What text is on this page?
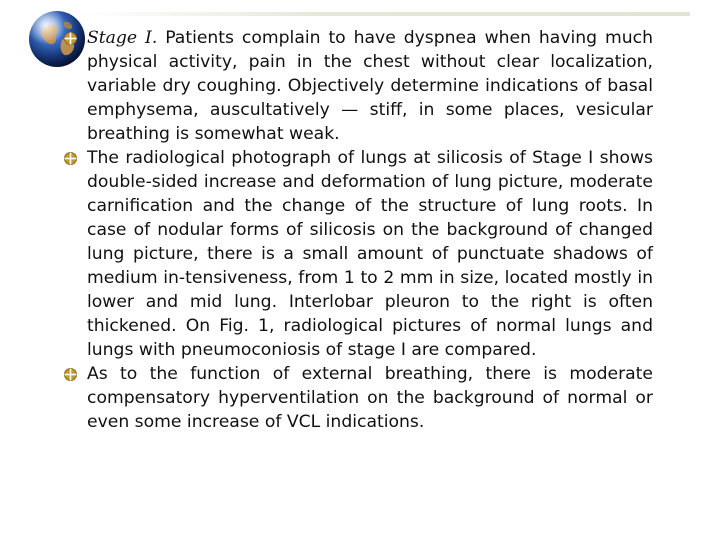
Stage I. Patients complain to have dyspnea when having much physical activity, pain in the chest without clear localization, variable dry coughing. Objectively determine indications of basal emphysema, auscultatively — stiff, in some places, vesicular breathing is somewhat weak.

The radiological photograph of lungs at silicosis of Stage I shows double-sided increase and deformation of lung picture, moderate carnification and the change of the structure of lung roots. In case of nodular forms of silicosis on the background of changed lung picture, there is a small amount of punctuate shadows of medium in-tensiveness, from 1 to 2 mm in size, located mostly in lower and mid lung. Interlobar pleuron to the right is often thickened. On Fig. 1, radiological pictures of normal lungs and lungs with pneumoconiosis of stage I are compared.

As to the function of external breathing, there is moderate compensatory hyperventilation on the background of normal or even some increase of VCL indications.
